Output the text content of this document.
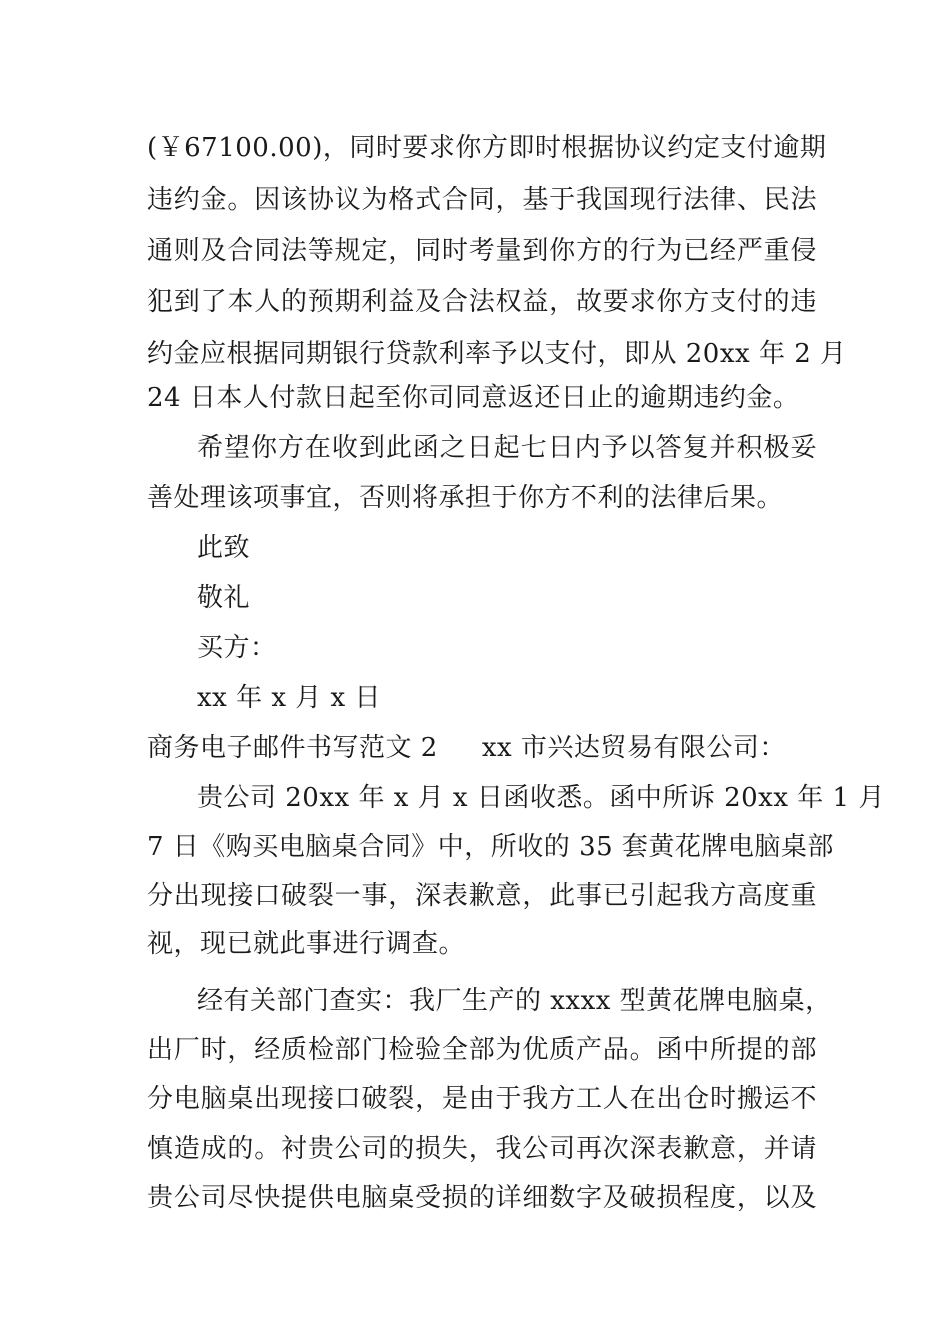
(￥67100.00)，同时要求你方即时根据协议约定支付逾期
违约金。因该协议为格式合同，基于我国现行法律、民法
通则及合同法等规定，同时考量到你方的行为已经严重侵
犯到了本人的预期利益及合法权益，故要求你方支付的违
约金应根据同期银行贷款利率予以支付，即从 20xx 年 2 月
24 日本人付款日起至你司同意返还日止的逾期违约金。
希望你方在收到此函之日起七日内予以答复并积极妥
善处理该项事宜，否则将承担于你方不利的法律后果。
此致
敬礼
买方：
xx 年 x 月 x 日
商务电子邮件书写范文 2 xx 市兴达贸易有限公司：
贵公司 20xx 年 x 月 x 日函收悉。函中所诉 20xx 年 1 月
7 日《购买电脑桌合同》中，所收的 35 套黄花牌电脑桌部
分出现接口破裂一事，深表歉意，此事已引起我方高度重
视，现已就此事进行调查。
经有关部门查实：我厂生产的 xxxx 型黄花牌电脑桌，
出厂时，经质检部门检验全部为优质产品。函中所提的部
分电脑桌出现接口破裂，是由于我方工人在出仓时搬运不
慎造成的。衬贵公司的损失，我公司再次深表歉意，并请
贵公司尽快提供电脑桌受损的详细数字及破损程度，以及
